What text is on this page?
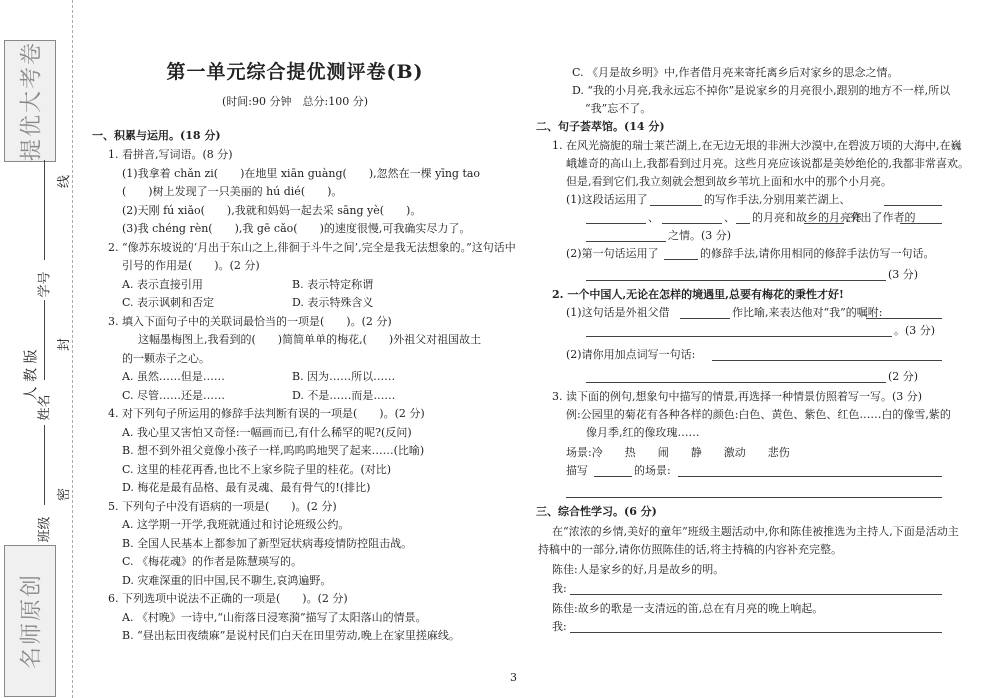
提优大考卷
人 教 版
线
封
密
学号
姓名
班级
名师原创
第一单元综合提优测评卷(B)
(时间:90 分钟　总分:100 分)
一、积累与运用。(18 分)
1. 看拼音,写词语。(8 分)
(1)我拿着 chǎn zi(　　)在地里 xiān guàng(　　),忽然在一棵 yīng tao
(　　)树上发现了一只美丽的 hú dié(　　)。
(2)天刚 fú xiǎo(　　),我就和妈妈一起去采 sāng yè(　　)。
(3)我 chéng rèn(　　),我 gē cǎo(　　)的速度很慢,可我确实尽力了。
2. “像苏东坡说的‘月出于东山之上,徘徊于斗牛之间’,完全是我无法想象的。”这句话中
引号的作用是(　　)。(2 分)
A. 表示直接引用	B. 表示特定称谓
C. 表示讽刺和否定	D. 表示特殊含义
3. 填入下面句子中的关联词最恰当的一项是(　　)。(2 分)
这幅墨梅图上,我看到的(　　)简简单单的梅花,(　　)外祖父对祖国故土
的一颗赤子之心。
A. 虽然……但是……	B. 因为……所以……
C. 尽管……还是……	D. 不是……而是……
4. 对下列句子所运用的修辞手法判断有误的一项是(　　)。(2 分)
A. 我心里又害怕又奇怪:一幅画而已,有什么稀罕的呢?(反问)
B. 想不到外祖父竟像小孩子一样,呜呜呜地哭了起来……(比喻)
C. 这里的桂花再香,也比不上家乡院子里的桂花。(对比)
D. 梅花是最有品格、最有灵魂、最有骨气的!(排比)
5. 下列句子中没有语病的一项是(　　)。(2 分)
A. 这学期一开学,我班就通过和讨论班级公约。
B. 全国人民基本上都参加了新型冠状病毒疫情防控阻击战。
C. 《梅花魂》的作者是陈慧瑛写的。
D. 灾难深重的旧中国,民不聊生,哀鸿遍野。
6. 下列选项中说法不正确的一项是(　　)。(2 分)
A. 《村晚》一诗中,“山衔落日浸寒漪”描写了太阳落山的情景。
B. “昼出耘田夜绩麻”是说村民们白天在田里劳动,晚上在家里搓麻线。
C. 《月是故乡明》中,作者借月亮来寄托离乡后对家乡的思念之情。
D. “我的小月亮,我永远忘不掉你”是说家乡的月亮很小,跟别的地方不一样,所以
“我”忘不了。
二、句子荟萃馆。(14 分)
1. 在风光旖旎的瑞士莱芒湖上,在无边无垠的非洲大沙漠中,在碧波万顷的大海中,在巍
峨雄奇的高山上,我都看到过月亮。这些月亮应该说都是美妙绝伦的,我都非常喜欢。
但是,看到它们,我立刻就会想到故乡苇坑上面和水中的那个小月亮。
(1)这段话运用了	的写作手法,分别用莱芒湖上、
、	、 的月亮和故乡的月亮作
,突出了作者的
之情。(3 分)
(2)第一句话运用了	的修辞手法,请你用相同的修辞手法仿写一句话。
(3 分)
2. 一个中国人,无论在怎样的境遇里,总要有梅花的秉性才好!
(1)这句话是外祖父借	作比喻,来表达他对“我”的嘱咐:
。(3 分)
(2)请你用加点词写一句话:
(2 分)
3. 读下面的例句,想象句中描写的情景,再选择一种情景仿照着写一写。(3 分)
例:公园里的菊花有各种各样的颜色:白色、黄色、紫色、红色……白的像雪,紫的
像月季,红的像玫瑰……
场景:冷　　热　　闹　　静　　激动　　悲伤
描写	的场景:
三、综合性学习。(6 分)
在“浓浓的乡情,美好的童年”班级主题活动中,你和陈佳被推选为主持人,下面是活动主
持稿中的一部分,请你仿照陈佳的话,将主持稿的内容补充完整。
陈佳:人是家乡的好,月是故乡的明。
我:
陈佳:故乡的歌是一支清远的笛,总在有月亮的晚上响起。
我:
3
